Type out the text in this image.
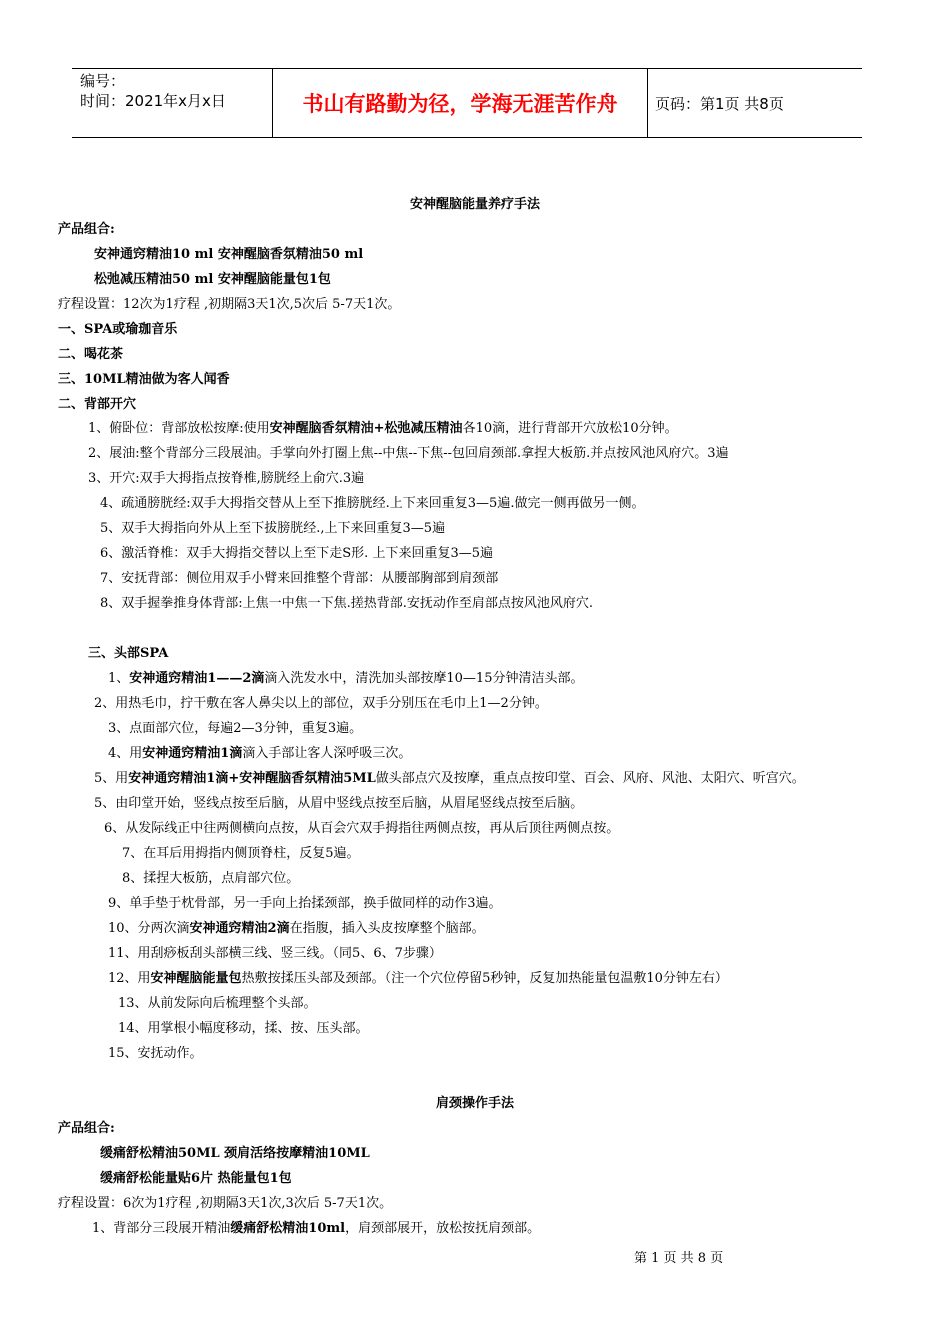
编号：
时间：2021年x月x日	书山有路勤为径，学海无涯苦作舟	页码：第1页 共8页
安神醒脑能量养疗手法
产品组合:
安神通窍精油10 ml 安神醒脑香氛精油50 ml
松弛减压精油50 ml 安神醒脑能量包1包
疗程设置：12次为1疗程 ,初期隔3天1次,5次后 5-7天1次。
一、SPA或瑜珈音乐
二、喝花茶
三、10ML精油做为客人闻香
二、背部开穴
1、俯卧位：背部放松按摩:使用安神醒脑香氛精油+松弛减压精油各10滴，进行背部开穴放松10分钟。
2、展油:整个背部分三段展油。手掌向外打圈上焦--中焦--下焦--包回肩颈部.拿捏大板筋.并点按风池风府穴。3遍
3、开穴:双手大拇指点按脊椎,膀胱经上俞穴.3遍
4、疏通膀胱经:双手大拇指交替从上至下推膀胱经.上下来回重复3—5遍.做完一侧再做另一侧。
5、双手大拇指向外从上至下拔膀胱经.,上下来回重复3—5遍
6、激活脊椎：双手大拇指交替以上至下走S形. 上下来回重复3—5遍
7、安抚背部：侧位用双手小臂来回推整个背部：从腰部胸部到肩颈部
8、双手握拳推身体背部:上焦一中焦一下焦.搓热背部.安抚动作至肩部点按风池风府穴.
三、头部SPA
1、安神通窍精油1——2滴滴入洗发水中，清洗加头部按摩10—15分钟清洁头部。
2、用热毛巾，拧干敷在客人鼻尖以上的部位，双手分别压在毛巾上1—2分钟。
3、点面部穴位，每遍2—3分钟，重复3遍。
4、用安神通窍精油1滴滴入手部让客人深呼吸三次。
5、用安神通窍精油1滴+安神醒脑香氛精油5ML做头部点穴及按摩，重点点按印堂、百会、风府、风池、太阳穴、听宫穴。
5、由印堂开始，竖线点按至后脑，从眉中竖线点按至后脑，从眉尾竖线点按至后脑。
6、从发际线正中往两侧横向点按，从百会穴双手拇指往两侧点按，再从后顶往两侧点按。
7、在耳后用拇指内侧顶脊柱，反复5遍。
8、揉捏大板筋，点肩部穴位。
9、单手垫于枕骨部，另一手向上抬揉颈部，换手做同样的动作3遍。
10、分两次滴安神通窍精油2滴在指腹，插入头皮按摩整个脑部。
11、用刮痧板刮头部横三线、竖三线。（同5、6、7步骤）
12、用安神醒脑能量包热敷按揉压头部及颈部。（注一个穴位停留5秒钟，反复加热能量包温敷10分钟左右）
13、从前发际向后梳理整个头部。
14、用掌根小幅度移动，揉、按、压头部。
15、安抚动作。
肩颈操作手法
产品组合:
缓痛舒松精油50ML 颈肩活络按摩精油10ML
缓痛舒松能量贴6片 热能量包1包
疗程设置：6次为1疗程 ,初期隔3天1次,3次后 5-7天1次。
1、背部分三段展开精油缓痛舒松精油10ml，肩颈部展开，放松按抚肩颈部。
第 1 页 共 8 页
